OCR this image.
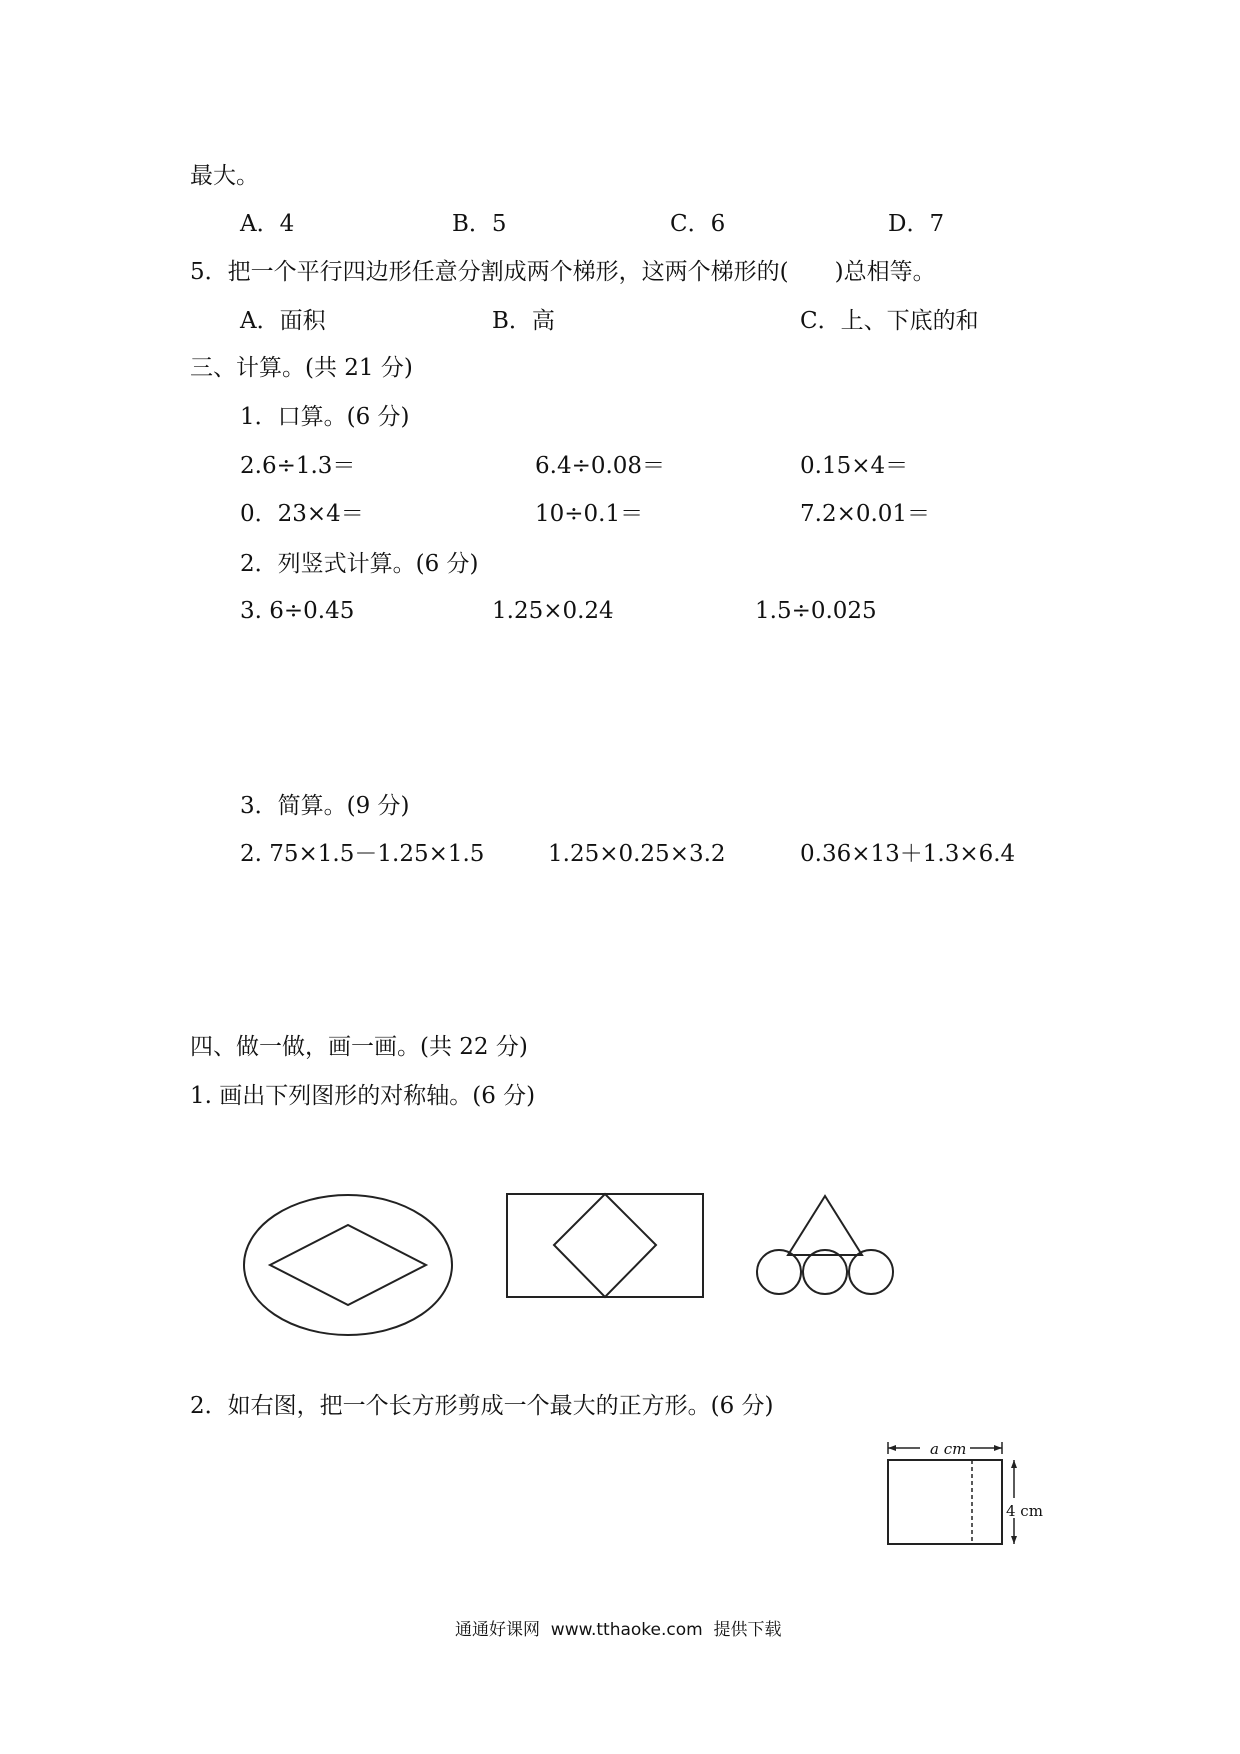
最大。
A．4	B．5	C．6	D．7
5．把一个平行四边形任意分割成两个梯形，这两个梯形的(　　)总相等。
A．面积	B．高	C．上、下底的和
三、计算。(共 21 分)
1．口算。(6 分)
2.6÷1.3＝	6.4÷0.08＝	0.15×4＝
0．23×4＝	10÷0.1＝	7.2×0.01＝
2．列竖式计算。(6 分)
3. 6÷0.45	1.25×0.24	1.5÷0.025
3．简算。(9 分)
2. 75×1.5－1.25×1.5	1.25×0.25×3.2	0.36×13＋1.3×6.4
四、做一做，画一画。(共 22 分)
1. 画出下列图形的对称轴。(6 分)
2．如右图，把一个长方形剪成一个最大的正方形。(6 分)
a cm
4 cm
通通好课网  www.tthaoke.com  提供下载
